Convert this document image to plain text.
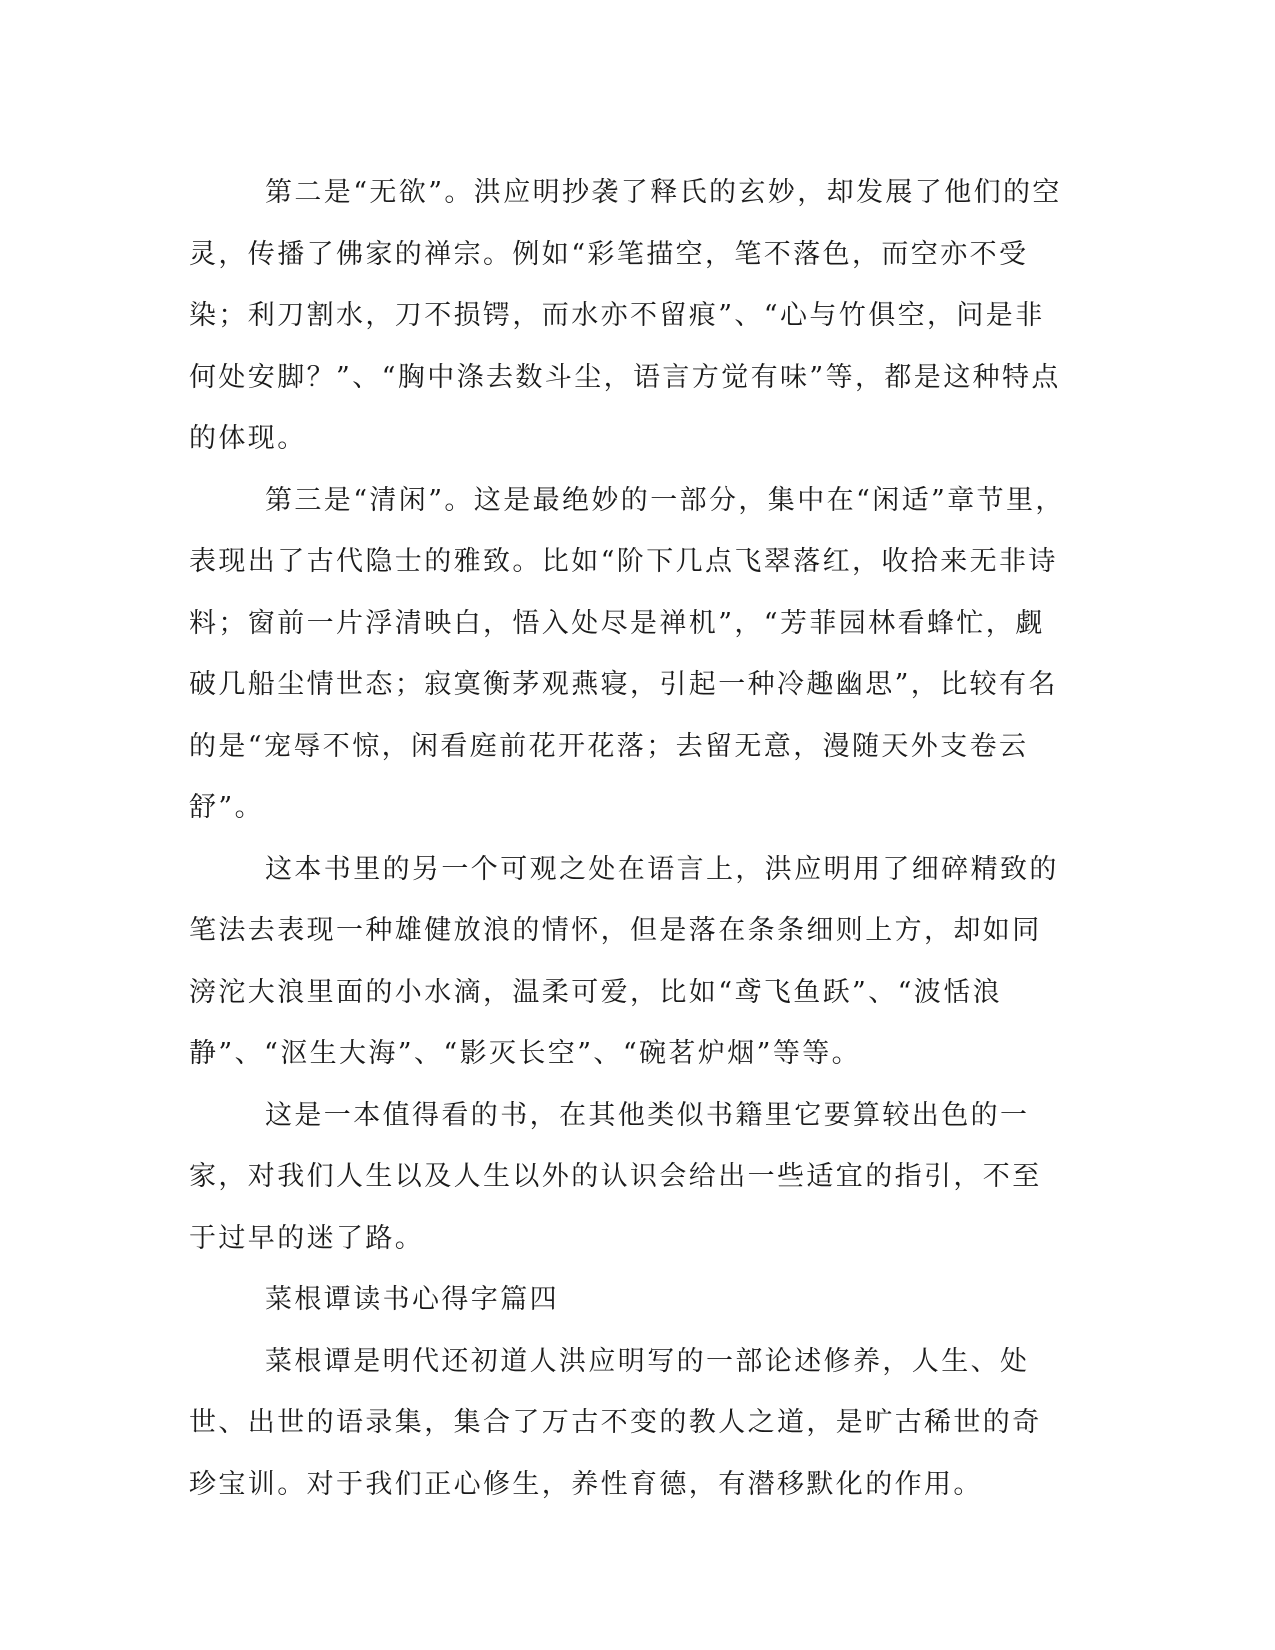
第二是“无欲”。洪应明抄袭了释氏的玄妙，却发展了他们的空灵，传播了佛家的禅宗。例如“彩笔描空，笔不落色，而空亦不受染；利刀割水，刀不损锷，而水亦不留痕”、“心与竹俱空，问是非何处安脚？”、“胸中涤去数斗尘，语言方觉有味”等，都是这种特点的体现。

第三是“清闲”。这是最绝妙的一部分，集中在“闲适”章节里，表现出了古代隐士的雅致。比如“阶下几点飞翠落红，收拾来无非诗料；窗前一片浮清映白，悟入处尽是禅机”，“芳菲园林看蜂忙，觑破几船尘情世态；寂寞衡茅观燕寝，引起一种冷趣幽思”，比较有名的是“宠辱不惊，闲看庭前花开花落；去留无意，漫随天外支卷云舒”。

这本书里的另一个可观之处在语言上，洪应明用了细碎精致的笔法去表现一种雄健放浪的情怀，但是落在条条细则上方，却如同滂沱大浪里面的小水滴，温柔可爱，比如“鸢飞鱼跃”、“波恬浪静”、“沤生大海”、“影灭长空”、“碗茗炉烟”等等。

这是一本值得看的书，在其他类似书籍里它要算较出色的一家，对我们人生以及人生以外的认识会给出一些适宜的指引，不至于过早的迷了路。

菜根谭读书心得字篇四

菜根谭是明代还初道人洪应明写的一部论述修养，人生、处世、出世的语录集，集合了万古不变的教人之道，是旷古稀世的奇珍宝训。对于我们正心修生，养性育德，有潜移默化的作用。
